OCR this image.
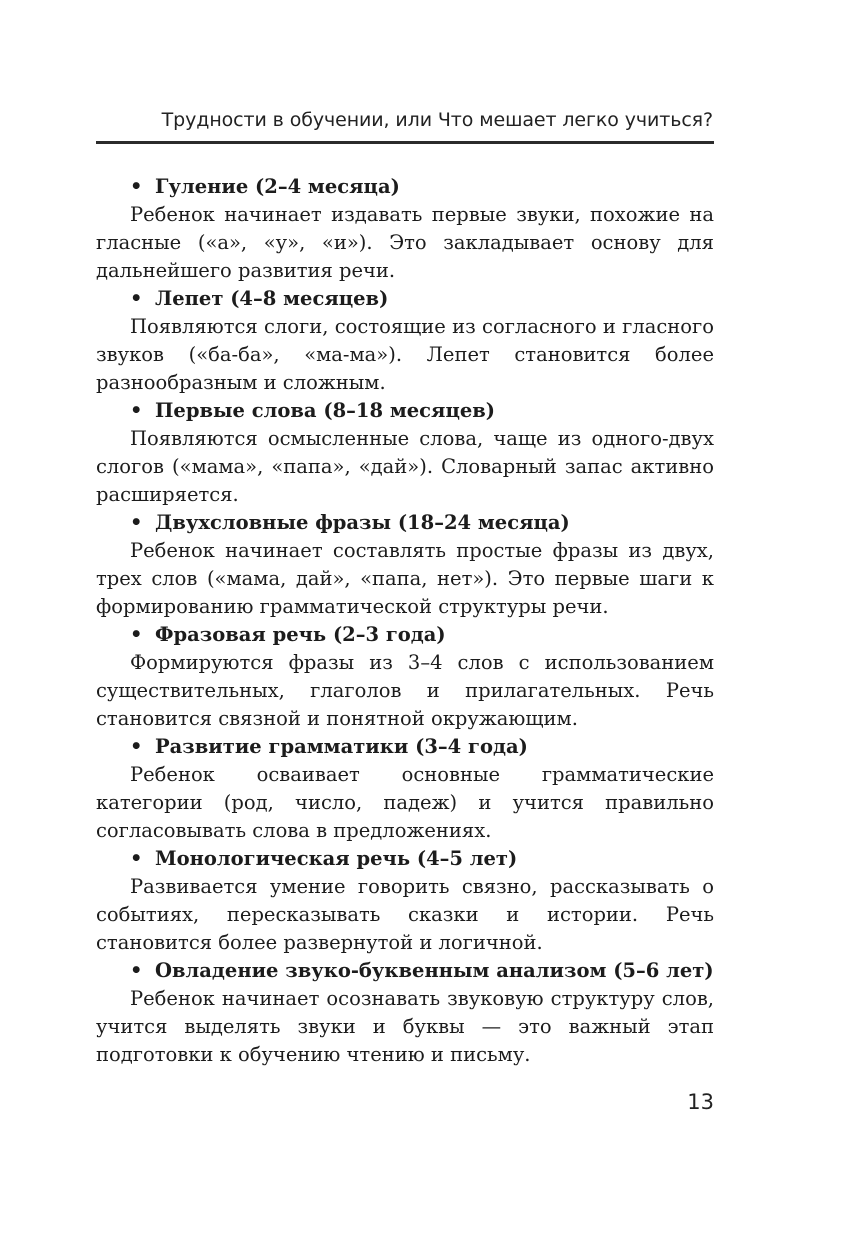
Трудности в обучении, или Что мешает легко учиться?
• Гуление (2–4 месяца)

Ребенок начинает издавать первые звуки, похожие на гласные («а», «у», «и»). Это закладывает основу для дальнейшего развития речи.

• Лепет (4–8 месяцев)

Появляются слоги, состоящие из согласного и гласного звуков («ба-ба», «ма-ма»). Лепет становится более разнообразным и сложным.

• Первые слова (8–18 месяцев)

Появляются осмысленные слова, чаще из одного-двух слогов («мама», «папа», «дай»). Словарный запас активно расширяется.

• Двухсловные фразы (18–24 месяца)

Ребенок начинает составлять простые фразы из двух, трех слов («мама, дай», «папа, нет»). Это первые шаги к формированию грамматической структуры речи.

• Фразовая речь (2–3 года)

Формируются фразы из 3–4 слов с использованием существительных, глаголов и прилагательных. Речь становится связной и понятной окружающим.

• Развитие грамматики (3–4 года)

Ребенок осваивает основные грамматические категории (род, число, падеж) и учится правильно согласовывать слова в предложениях.

• Монологическая речь (4–5 лет)

Развивается умение говорить связно, рассказывать о событиях, пересказывать сказки и истории. Речь становится более развернутой и логичной.

• Овладение звуко-буквенным анализом (5–6 лет)

Ребенок начинает осознавать звуковую структуру слов, учится выделять звуки и буквы — это важный этап подготовки к обучению чтению и письму.

13
